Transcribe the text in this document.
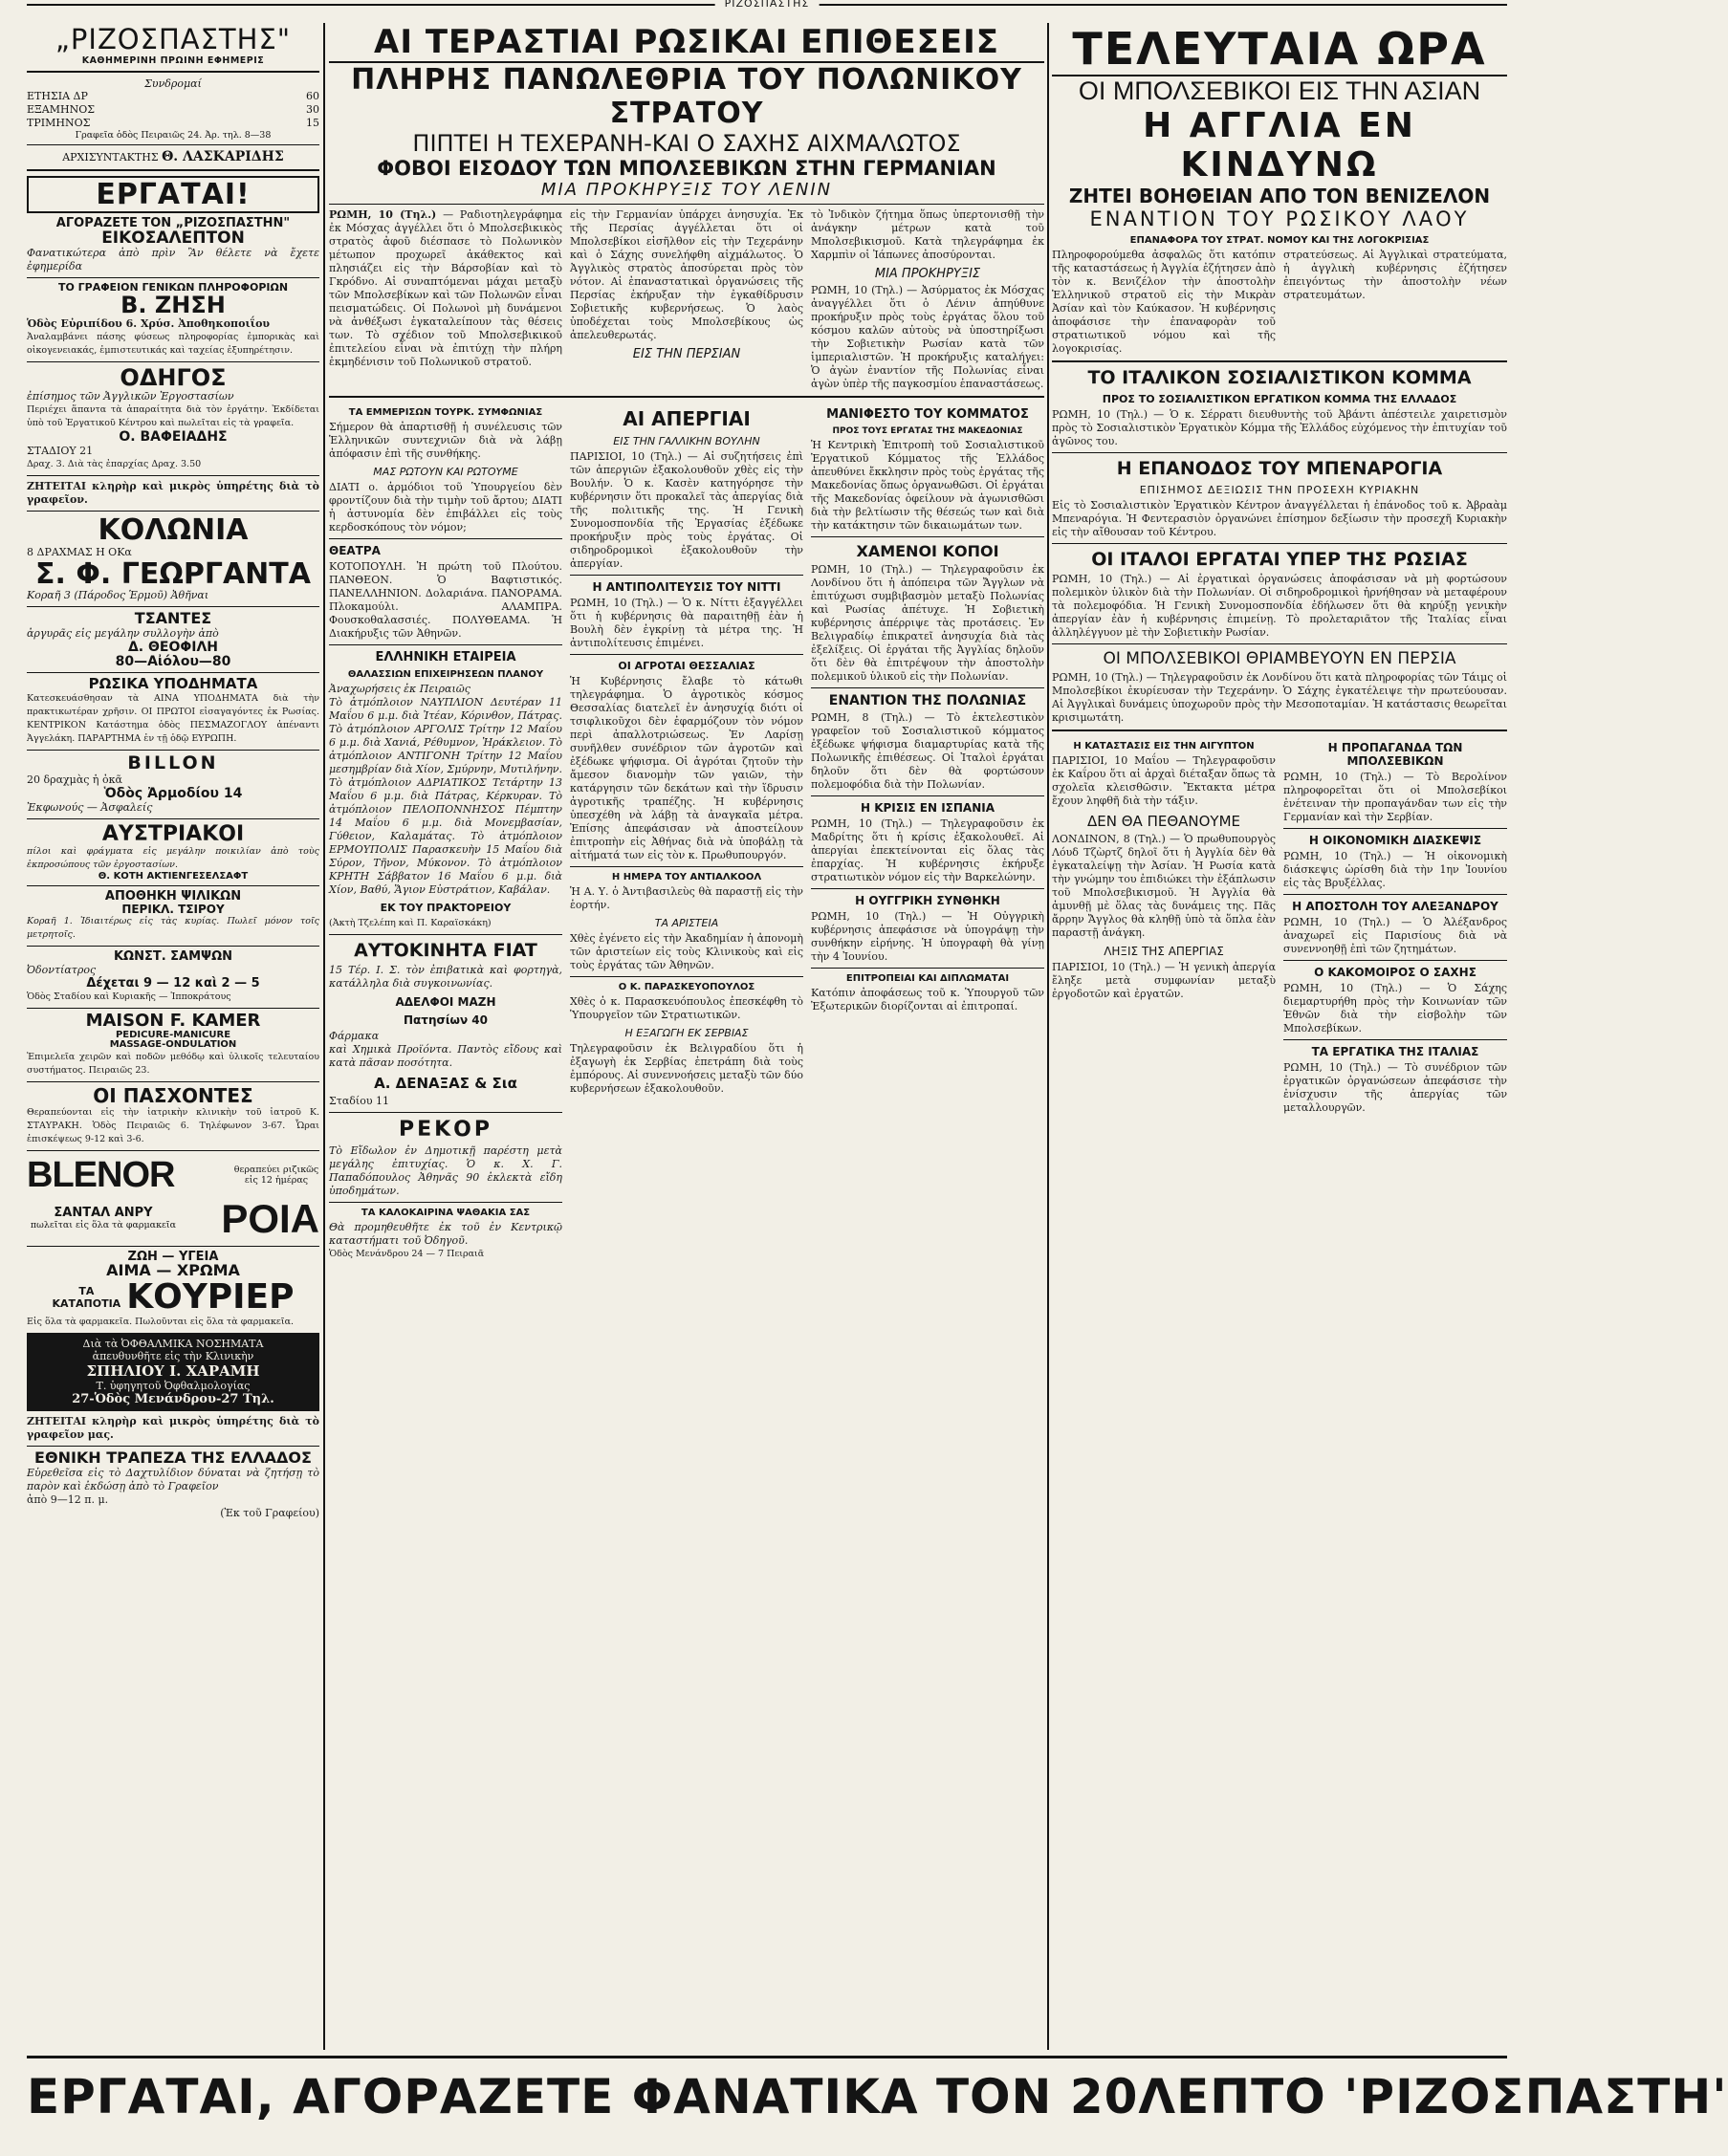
ΡΙΖΟΣΠΑΣΤΗΣ
„ΡΙΖΟΣΠΑΣΤΗΣ"
ΚΑΘΗΜΕΡΙΝΗ ΠΡΩΙΝΗ ΕΦΗΜΕΡΙΣ
Συνδρομαί
ΕΤΗΣΙΑ ΔΡ	60
ΕΞΑΜΗΝΟΣ	30
ΤΡΙΜΗΝΟΣ	15
Γραφεῖα ὁδὸς Πειραιῶς 24. Ἀρ. τηλ. 8—38
ΑΡΧΙΣΥΝΤΑΚΤΗΣ Θ. ΛΑΣΚΑΡΙΔΗΣ
ΕΡΓΑΤΑΙ!
ΑΓΟΡΑΖΕΤΕ ΤΟΝ „ΡΙΖΟΣΠΑΣΤΗΝ"
ΕΙΚΟΣΑΛΕΠΤΟΝ
Φανατικώτερα ἀπὸ πρὶν Ἂν θέλετε νὰ ἔχετε ἐφημερίδα
ΤΟ ΓΡΑΦΕΙΟΝ ΓΕΝΙΚΩΝ ΠΛΗΡΟΦΟΡΙΩΝ
Β. ΖΗΣΗ
Ὁδὸς Εὐριπίδου 6. Χρύσ. Ἀποθηκοποιΐου
Ἀναλαμβάνει πάσης φύσεως πληροφορίας ἐμπορικὰς καὶ οἰκογενειακάς, ἐμπιστευτικάς καὶ ταχείας ἐξυπηρέτησιν.
ΟΔΗΓΟΣ
ἐπίσημος τῶν Ἀγγλικῶν Ἐργοστασίων
Περιέχει ἅπαντα τὰ ἀπαραίτητα διὰ τὸν ἐργάτην. Ἐκδίδεται ὑπὸ τοῦ Ἐργατικοῦ Κέντρου καὶ πωλεῖται εἰς τὰ γραφεῖα.
Ο. ΒΑΦΕΙΑΔΗΣ
ΣΤΑΔΙΟΥ 21
Δραχ. 3. Διὰ τὰς ἐπαρχίας Δραχ. 3.50
ΖΗΤΕΙΤΑΙ κληρὴρ καὶ μικρὸς ὑπηρέτης διὰ τὸ γραφεῖον.
ΚΟΛΩΝΙΑ
8 ΔΡΑΧΜΑΣ Η ΟΚα
Σ. Φ. ΓΕΩΡΓΑΝΤΑ
Κοραῆ 3 (Πάροδος Ἑρμοῦ) Ἀθῆναι
ΤΣΑΝΤΕΣ
ἀργυρᾶς εἰς μεγάλην συλλογὴν ἀπὸ
Δ. ΘΕΟΦΙΛΗ
80—Αἰόλου—80
ΡΩΣΙΚΑ ΥΠΟΔΗΜΑΤΑ
Κατεσκευάσθησαν τὰ ΑΙΝΑ ΥΠΟΔΗΜΑΤΑ διὰ τὴν πρακτικωτέραν χρῆσιν. ΟΙ ΠΡΩΤΟΙ εἰσαγαγόντες ἐκ Ρωσίας. ΚΕΝΤΡΙΚΟΝ Κατάστημα ὁδὸς ΠΕΣΜΑΖΟΓΛΟΥ ἀπέναντι Ἀγγελάκη. ΠΑΡΑΡΤΗΜΑ ἐν τῇ ὁδῷ ΕΥΡΩΠΗ.
BILLON
20 δραχμὰς ἡ ὀκᾶ
Ὁδὸς Ἀρμοδίου 14
Ἐκφωνούς — Ἀσφαλείς
ΑΥΣΤΡΙΑΚΟΙ
πίλοι καὶ φράγματα εἰς μεγάλην ποικιλίαν ἀπὸ τοὺς ἐκπροσώπους τῶν ἐργοστασίων.
Θ. ΚΟΤΗ ΑΚΤΙΕΝΓΕΣΕΛΣΑΦΤ
ΑΠΟΘΗΚΗ ΨΙΛΙΚΩΝ
ΠΕΡΙΚΛ. ΤΣΙΡΟΥ
Κοραῆ 1. Ἰδιαιτέρως εἰς τὰς κυρίας. Πωλεῖ μόνον τοῖς μετρητοῖς.
ΚΩΝΣΤ. ΣΑΜΨΩΝ
Ὀδοντίατρος
Δέχεται 9 — 12 καὶ 2 — 5
Ὁδὸς Σταδίου καὶ Κυριακῆς — Ἱπποκράτους
MAISON F. KAMER
PEDICURE-MANICURE
MASSAGE-ONDULATION
Ἐπιμελεῖα χειρῶν καὶ ποδῶν μεθόδῳ καὶ ὑλικοῖς τελευταίου συστήματος. Πειραιῶς 23.
ΟΙ ΠΑΣΧΟΝΤΕΣ
Θεραπεύονται εἰς τὴν ἰατρικὴν κλινικὴν τοῦ ἰατροῦ Κ. ΣΤΑΥΡΑΚΗ. Ὁδὸς Πειραιῶς 6. Τηλέφωνον 3-67. Ὧραι ἐπισκέψεως 9-12 καὶ 3-6.
BLENOR	θεραπεύει ριζικῶς εἰς 12 ἡμέρας
ΣΑΝΤΑΛ ΑΝΡΥ
πωλεῖται εἰς ὅλα τὰ φαρμακεῖα ΡΟΙΑ
ΖΩΗ — ΥΓΕΙΑ
ΑΙΜΑ — ΧΡΩΜΑ
ΤΑ
ΚΑΤΑΠΟΤΙΑ ΚΟΥΡΙΕΡ
Εἰς ὅλα τὰ φαρμακεῖα. Πωλοῦνται εἰς ὅλα τὰ φαρμακεῖα.
Διὰ τὰ ὈΦΘΑΛΜΙΚΑ ΝΟΣΗΜΑΤΑ
ἀπευθυνθῆτε εἰς τὴν Κλινικὴν
ΣΠΗΛΙΟΥ Ι. ΧΑΡΑΜΗ
Τ. ὑφηγητοῦ Ὀφθαλμολογίας
27-Ὁδὸς Μενάνδρου-27 Τηλ.
ΖΗΤΕΙΤΑΙ κληρὴρ καὶ μικρὸς ὑπηρέτης διὰ τὸ γραφεῖον μας.
ΕΘΝΙΚΗ ΤΡΑΠΕΖΑ ΤΗΣ ΕΛΛΑΔΟΣ
Εὑρεθεῖσα εἰς τὸ Δαχτυλίδιον δύναται νὰ ζητήσῃ τὸ παρὸν καὶ ἐκδώσῃ ἀπὸ τὸ Γραφεῖον
ἀπὸ 9—12 π. μ.
(Ἐκ τοῦ Γραφείου)
ΑΙ ΤΕΡΑΣΤΙΑΙ ΡΩΣΙΚΑΙ ΕΠΙΘΕΣΕΙΣ
ΠΛΗΡΗΣ ΠΑΝΩΛΕΘΡΙΑ ΤΟΥ ΠΟΛΩΝΙΚΟΥ ΣΤΡΑΤΟΥ
ΠΙΠΤΕΙ Η ΤΕΧΕΡΑΝΗ-ΚΑΙ Ο ΣΑΧΗΣ ΑΙΧΜΑΛΩΤΟΣ
ΦΟΒΟΙ ΕΙΣΟΔΟΥ ΤΩΝ ΜΠΟΛΣΕΒΙΚΩΝ ΣΤΗΝ ΓΕΡΜΑΝΙΑΝ
ΜΙΑ ΠΡΟΚΗΡΥΞΙΣ ΤΟΥ ΛΕΝΙΝ
ΡΩΜΗ, 10 (Τηλ.) — Ραδιοτηλεγράφημα ἐκ Μόσχας ἀγγέλλει ὅτι ὁ Μπολσεβικικὸς στρατὸς ἀφοῦ διέσπασε τὸ Πολωνικὸν μέτωπον προχωρεῖ ἀκάθεκτος καὶ πλησιάζει εἰς τὴν Βάρσοβίαν καὶ τὸ Γκρόδνο. Αἱ συναπτόμεναι μάχαι μεταξὺ τῶν Μπολσεβίκων καὶ τῶν Πολωνῶν εἶναι πεισματώδεις. Οἱ Πολωνοὶ μὴ δυνάμενοι νὰ ἀνθέξωσι ἐγκαταλείπουν τὰς θέσεις των. Τὸ σχέδιον τοῦ Μπολσεβικικοῦ ἐπιτελείου εἶναι νὰ ἐπιτύχῃ τὴν πλήρη ἐκμηδένισιν τοῦ Πολωνικοῦ στρατοῦ.
εἰς τὴν Γερμανίαν ὑπάρχει ἀνησυχία. Ἐκ τῆς Περσίας ἀγγέλλεται ὅτι οἱ Μπολσεβίκοι εἰσῆλθον εἰς τὴν Τεχεράνην καὶ ὁ Σάχης συνελήφθη αἰχμάλωτος. Ὁ Ἀγγλικὸς στρατὸς ἀποσύρεται πρὸς τὸν νότον. Αἱ ἐπαναστατικαὶ ὀργανώσεις τῆς Περσίας ἐκήρυξαν τὴν ἐγκαθίδρυσιν Σοβιετικῆς κυβερνήσεως. Ὁ λαὸς ὑποδέχεται τοὺς Μπολσεβίκους ὡς ἀπελευθερωτάς.
ΕΙΣ ΤΗΝ ΠΕΡΣΙΑΝ
τὸ Ἰνδικὸν ζήτημα ὅπως ὑπερτονισθῇ τὴν ἀνάγκην μέτρων κατὰ τοῦ Μπολσεβικισμοῦ. Κατὰ τηλεγράφημα ἐκ Χαρμπὶν οἱ Ἰάπωνες ἀποσύρονται.
ΜΙΑ ΠΡΟΚΗΡΥΞΙΣ
ΡΩΜΗ, 10 (Τηλ.) — Ἀσύρματος ἐκ Μόσχας ἀναγγέλλει ὅτι ὁ Λένιν ἀπηύθυνε προκήρυξιν πρὸς τοὺς ἐργάτας ὅλου τοῦ κόσμου καλῶν αὐτοὺς νὰ ὑποστηρίξωσι τὴν Σοβιετικὴν Ρωσίαν κατὰ τῶν ἱμπεριαλιστῶν. Ἡ προκήρυξις καταλήγει: Ὁ ἀγὼν ἐναντίον τῆς Πολωνίας εἶναι ἀγὼν ὑπὲρ τῆς παγκοσμίου ἐπαναστάσεως.
ΤΑ ΕΜΜΕΡΙΣΩΝ ΤΟΥΡΚ. ΣΥΜΦΩΝΙΑΣ
Σήμερον θὰ ἀπαρτισθῇ ἡ συνέλευσις τῶν Ἑλληνικῶν συντεχνιῶν διὰ νὰ λάβῃ ἀπόφασιν ἐπὶ τῆς συνθήκης.
ΜΑΣ ΡΩΤΟΥΝ ΚΑΙ ΡΩΤΟΥΜΕ
ΔΙΑΤΙ ο. ἀρμόδιοι τοῦ Ὑπουργείου δὲν φροντίζουν διὰ τὴν τιμὴν τοῦ ἄρτου; ΔΙΑΤΙ ἡ ἀστυνομία δὲν ἐπιβάλλει εἰς τοὺς κερδοσκόπους τὸν νόμον;
ΘΕΑΤΡΑ
ΚΟΤΟΠΟΥΛΗ. Ἡ πρώτη τοῦ Πλούτου. ΠΑΝΘΕΟΝ. Ὁ Βαφτιστικός. ΠΑΝΕΛΛΗΝΙΟΝ. Δολαριάνα. ΠΑΝΟΡΑΜΑ. Πλοκαμούλι. ΑΛΑΜΠΡΑ. Φουσκοθαλασσιές. ΠΟΛΥΘΕΑΜΑ. Ἡ Διακήρυξις τῶν Ἀθηνῶν.
ΕΛΛΗΝΙΚΗ ΕΤΑΙΡΕΙΑ
ΘΑΛΑΣΣΙΩΝ ΕΠΙΧΕΙΡΗΣΕΩΝ ΠΛΑΝΟΥ
Ἀναχωρήσεις ἐκ Πειραιῶς
Τὸ ἀτμόπλοιον ΝΑΥΠΛΙΟΝ Δευτέραν 11 Μαΐου 6 μ.μ. διὰ Ἰτέαν, Κόρινθον, Πάτρας. Τὸ ἀτμόπλοιον ΑΡΓΟΛΙΣ Τρίτην 12 Μαΐου 6 μ.μ. διὰ Χανιά, Ρέθυμνον, Ἡράκλειον. Τὸ ἀτμόπλοιον ΑΝΤΙΓΟΝΗ Τρίτην 12 Μαΐου μεσημβρίαν διὰ Χίον, Σμύρνην, Μυτιλήνην. Τὸ ἀτμόπλοιον ΑΔΡΙΑΤΙΚΟΣ Τετάρτην 13 Μαΐου 6 μ.μ. διὰ Πάτρας, Κέρκυραν. Τὸ ἀτμόπλοιον ΠΕΛΟΠΟΝΝΗΣΟΣ Πέμπτην 14 Μαΐου 6 μ.μ. διὰ Μονεμβασίαν, Γύθειον, Καλαμάτας. Τὸ ἀτμόπλοιον ΕΡΜΟΥΠΟΛΙΣ Παρασκευὴν 15 Μαΐου διὰ Σύρον, Τῆνον, Μύκονον. Τὸ ἀτμόπλοιον ΚΡΗΤΗ Σάββατον 16 Μαΐου 6 μ.μ. διὰ Χίον, Βαθύ, Ἅγιον Εὐστράτιον, Καβάλαν.
ΕΚ ΤΟΥ ΠΡΑΚΤΟΡΕΙΟΥ
(Ἀκτὴ Τζελέπη καὶ Π. Καραϊσκάκη)
ΑΥΤΟΚΙΝΗΤΑ FIAT
15 Τέρ. Ι. Σ. τὸν ἐπιβατικὰ καὶ φορτηγὰ, κατάλληλα διὰ συγκοινωνίας.
ΑΔΕΛΦΟΙ ΜΑΖΗ
Πατησίων 40
Φάρμακα
καὶ Χημικὰ Προϊόντα. Παντὸς εἴδους καὶ κατὰ πᾶσαν ποσότητα.
Α. ΔΕΝΑΞΑΣ & Σια
Σταδίου 11
ΡΕΚΟΡ
Τὸ Εἴδωλον ἐν Δημοτικῇ παρέστη μετὰ μεγάλης ἐπιτυχίας. Ὁ κ. Χ. Γ. Παπαδόπουλος Ἀθηνᾶς 90 ἐκλεκτὰ εἴδη ὑποδημάτων.
ΤΑ ΚΑΛΟΚΑΙΡΙΝΑ ΨΑΘΑΚΙΑ ΣΑΣ
Θὰ προμηθευθῆτε ἐκ τοῦ ἐν Κεντρικῷ καταστήματι τοῦ Ὀδηγοῦ.
Ὁδὸς Μενάνδρου 24 — 7 Πειραιᾶ
ΑΙ ΑΠΕΡΓΙΑΙ
ΕΙΣ ΤΗΝ ΓΑΛΛΙΚΗΝ ΒΟΥΛΗΝ
ΠΑΡΙΣΙΟΙ, 10 (Τηλ.) — Αἱ συζητήσεις ἐπὶ τῶν ἀπεργιῶν ἐξακολουθοῦν χθὲς εἰς τὴν Βουλήν. Ὁ κ. Κασὲν κατηγόρησε τὴν κυβέρνησιν ὅτι προκαλεῖ τὰς ἀπεργίας διὰ τῆς πολιτικῆς της. Ἡ Γενικὴ Συνομοσπονδία τῆς Ἐργασίας ἐξέδωκε προκήρυξιν πρὸς τοὺς ἐργάτας. Οἱ σιδηροδρομικοὶ ἐξακολουθοῦν τὴν ἀπεργίαν.
Η ΑΝΤΙΠΟΛΙΤΕΥΣΙΣ ΤΟΥ ΝΙΤΤΙ
ΡΩΜΗ, 10 (Τηλ.) — Ὁ κ. Νίττι ἐξαγγέλλει ὅτι ἡ κυβέρνησις θὰ παραιτηθῇ ἐὰν ἡ Βουλὴ δὲν ἐγκρίνῃ τὰ μέτρα της. Ἡ ἀντιπολίτευσις ἐπιμένει.
ΟΙ ΑΓΡΟΤΑΙ ΘΕΣΣΑΛΙΑΣ
Ἡ Κυβέρνησις ἔλαβε τὸ κάτωθι τηλεγράφημα. Ὁ ἀγροτικὸς κόσμος Θεσσαλίας διατελεῖ ἐν ἀνησυχίᾳ διότι οἱ τσιφλικοῦχοι δὲν ἐφαρμόζουν τὸν νόμον περὶ ἀπαλλοτριώσεως. Ἐν Λαρίσῃ συνῆλθεν συνέδριον τῶν ἀγροτῶν καὶ ἐξέδωκε ψήφισμα. Οἱ ἀγρόται ζητοῦν τὴν ἄμεσον διανομὴν τῶν γαιῶν, τὴν κατάργησιν τῶν δεκάτων καὶ τὴν ἵδρυσιν ἀγροτικῆς τραπέζης. Ἡ κυβέρνησις ὑπεσχέθη νὰ λάβῃ τὰ ἀναγκαῖα μέτρα. Ἐπίσης ἀπεφάσισαν νὰ ἀποστείλουν ἐπιτροπὴν εἰς Ἀθήνας διὰ νὰ ὑποβάλῃ τὰ αἰτήματά των εἰς τὸν κ. Πρωθυπουργόν.
Η ΗΜΕΡΑ ΤΟΥ ΑΝΤΙΑΛΚΟΟΛ
Ἡ Α. Υ. ὁ Ἀντιβασιλεὺς θὰ παραστῇ εἰς τὴν ἑορτήν.
ΤΑ ΑΡΙΣΤΕΙΑ
Χθὲς ἐγένετο εἰς τὴν Ἀκαδημίαν ἡ ἀπονομὴ τῶν ἀριστείων εἰς τοὺς Κλινικοὺς καὶ εἰς τοὺς ἐργάτας τῶν Ἀθηνῶν.
Ο Κ. ΠΑΡΑΣΚΕΥΟΠΟΥΛΟΣ
Χθὲς ὁ κ. Παρασκευόπουλος ἐπεσκέφθη τὸ Ὑπουργεῖον τῶν Στρατιωτικῶν.
Η ΕΞΑΓΩΓΗ ΕΚ ΣΕΡΒΙΑΣ
Τηλεγραφοῦσιν ἐκ Βελιγραδίου ὅτι ἡ ἐξαγωγὴ ἐκ Σερβίας ἐπετράπη διὰ τοὺς ἐμπόρους. Αἱ συνεννοήσεις μεταξὺ τῶν δύο κυβερνήσεων ἐξακολουθοῦν.
ΜΑΝΙΦΕΣΤΟ ΤΟΥ ΚΟΜΜΑΤΟΣ
ΠΡΟΣ ΤΟΥΣ ΕΡΓΑΤΑΣ ΤΗΣ ΜΑΚΕΔΟΝΙΑΣ
Ἡ Κεντρικὴ Ἐπιτροπὴ τοῦ Σοσιαλιστικοῦ Ἐργατικοῦ Κόμματος τῆς Ἑλλάδος ἀπευθύνει ἔκκλησιν πρὸς τοὺς ἐργάτας τῆς Μακεδονίας ὅπως ὀργανωθῶσι. Οἱ ἐργάται τῆς Μακεδονίας ὀφείλουν νὰ ἀγωνισθῶσι διὰ τὴν βελτίωσιν τῆς θέσεώς των καὶ διὰ τὴν κατάκτησιν τῶν δικαιωμάτων των.
ΧΑΜΕΝΟΙ ΚΟΠΟΙ
ΡΩΜΗ, 10 (Τηλ.) — Τηλεγραφοῦσιν ἐκ Λονδίνου ὅτι ἡ ἀπόπειρα τῶν Ἄγγλων νὰ ἐπιτύχωσι συμβιβασμὸν μεταξὺ Πολωνίας καὶ Ρωσίας ἀπέτυχε. Ἡ Σοβιετικὴ κυβέρνησις ἀπέρριψε τὰς προτάσεις. Ἐν Βελιγραδίῳ ἐπικρατεῖ ἀνησυχία διὰ τὰς ἐξελίξεις. Οἱ ἐργάται τῆς Ἀγγλίας δηλοῦν ὅτι δὲν θὰ ἐπιτρέψουν τὴν ἀποστολὴν πολεμικοῦ ὑλικοῦ εἰς τὴν Πολωνίαν.
ΕΝΑΝΤΙΟΝ ΤΗΣ ΠΟΛΩΝΙΑΣ
ΡΩΜΗ, 8 (Τηλ.) — Τὸ ἐκτελεστικὸν γραφεῖον τοῦ Σοσιαλιστικοῦ κόμματος ἐξέδωκε ψήφισμα διαμαρτυρίας κατὰ τῆς Πολωνικῆς ἐπιθέσεως. Οἱ Ἰταλοὶ ἐργάται δηλοῦν ὅτι δὲν θὰ φορτώσουν πολεμοφόδια διὰ τὴν Πολωνίαν.
Η ΚΡΙΣΙΣ ΕΝ ΙΣΠΑΝΙΑ
ΡΩΜΗ, 10 (Τηλ.) — Τηλεγραφοῦσιν ἐκ Μαδρίτης ὅτι ἡ κρίσις ἐξακολουθεῖ. Αἱ ἀπεργίαι ἐπεκτείνονται εἰς ὅλας τὰς ἐπαρχίας. Ἡ κυβέρνησις ἐκήρυξε στρατιωτικὸν νόμον εἰς τὴν Βαρκελώνην.
Η ΟΥΓΓΡΙΚΗ ΣΥΝΘΗΚΗ
ΡΩΜΗ, 10 (Τηλ.) — Ἡ Οὐγγρικὴ κυβέρνησις ἀπεφάσισε νὰ ὑπογράψῃ τὴν συνθήκην εἰρήνης. Ἡ ὑπογραφὴ θὰ γίνῃ τὴν 4 Ἰουνίου.
ΕΠΙΤΡΟΠΕΙΑΙ ΚΑΙ ΔΙΠΛΩΜΑΤΑΙ
Κατόπιν ἀποφάσεως τοῦ κ. Ὑπουργοῦ τῶν Ἐξωτερικῶν διορίζονται αἱ ἐπιτροπαί.
ΤΕΛΕΥΤΑΙΑ ΩΡΑ
ΟΙ ΜΠΟΛΣΕΒΙΚΟΙ ΕΙΣ ΤΗΝ ΑΣΙΑΝ
Η ΑΓΓΛΙΑ ΕΝ ΚΙΝΔΥΝΩ
ΖΗΤΕΙ ΒΟΗΘΕΙΑΝ ΑΠΟ ΤΟΝ ΒΕΝΙΖΕΛΟΝ
ΕΝΑΝΤΙΟΝ ΤΟΥ ΡΩΣΙΚΟΥ ΛΑΟΥ
ΕΠΑΝΑΦΟΡΑ ΤΟΥ ΣΤΡΑΤ. ΝΟΜΟΥ ΚΑΙ ΤΗΣ ΛΟΓΟΚΡΙΣΙΑΣ
Πληροφορούμεθα ἀσφαλῶς ὅτι κατόπιν τῆς καταστάσεως ἡ Ἀγγλία ἐζήτησεν ἀπὸ τὸν κ. Βενιζέλον τὴν ἀποστολὴν Ἑλληνικοῦ στρατοῦ εἰς τὴν Μικρὰν Ἀσίαν καὶ τὸν Καύκασον. Ἡ κυβέρνησις ἀποφάσισε τὴν ἐπαναφορὰν τοῦ στρατιωτικοῦ νόμου καὶ τῆς λογοκρισίας.
στρατεύσεως. Αἱ Ἀγγλικαὶ στρατεύματα, ἡ ἀγγλικὴ κυβέρνησις ἐζήτησεν ἐπειγόντως τὴν ἀποστολὴν νέων στρατευμάτων.
ΤΟ ΙΤΑΛΙΚΟΝ ΣΟΣΙΑΛΙΣΤΙΚΟΝ ΚΟΜΜΑ
ΠΡΟΣ ΤΟ ΣΟΣΙΑΛΙΣΤΙΚΟΝ ΕΡΓΑΤΙΚΟΝ ΚΟΜΜΑ ΤΗΣ ΕΛΛΑΔΟΣ
ΡΩΜΗ, 10 (Τηλ.) — Ὁ κ. Σέρρατι διευθυντὴς τοῦ Ἀβάντι ἀπέστειλε χαιρετισμὸν πρὸς τὸ Σοσιαλιστικὸν Ἐργατικὸν Κόμμα τῆς Ἑλλάδος εὐχόμενος τὴν ἐπιτυχίαν τοῦ ἀγῶνος του.
Η ΕΠΑΝΟΔΟΣ ΤΟΥ ΜΠΕΝΑΡΟΓΙΑ
ΕΠΙΣΗΜΟΣ ΔΕΞΙΩΣΙΣ ΤΗΝ ΠΡΟΣΕΧΗ ΚΥΡΙΑΚΗΝ
Εἰς τὸ Σοσιαλιστικὸν Ἐργατικὸν Κέντρον ἀναγγέλλεται ἡ ἐπάνοδος τοῦ κ. Ἀβραὰμ Μπεναρόγια. Ἡ Φεντερασιὸν ὀργανώνει ἐπίσημον δεξίωσιν τὴν προσεχῆ Κυριακὴν εἰς τὴν αἴθουσαν τοῦ Κέντρου.
ΟΙ ΙΤΑΛΟΙ ΕΡΓΑΤΑΙ ΥΠΕΡ ΤΗΣ ΡΩΣΙΑΣ
ΡΩΜΗ, 10 (Τηλ.) — Αἱ ἐργατικαὶ ὀργανώσεις ἀποφάσισαν νὰ μὴ φορτώσουν πολεμικὸν ὑλικὸν διὰ τὴν Πολωνίαν. Οἱ σιδηροδρομικοὶ ἠρνήθησαν νὰ μεταφέρουν τὰ πολεμοφόδια. Ἡ Γενικὴ Συνομοσπονδία ἐδήλωσεν ὅτι θὰ κηρύξῃ γενικὴν ἀπεργίαν ἐὰν ἡ κυβέρνησις ἐπιμείνῃ. Τὸ προλεταριᾶτον τῆς Ἰταλίας εἶναι ἀλληλέγγυον μὲ τὴν Σοβιετικὴν Ρωσίαν.
ΟΙ ΜΠΟΛΣΕΒΙΚΟΙ ΘΡΙΑΜΒΕΥΟΥΝ ΕΝ ΠΕΡΣΙΑ
ΡΩΜΗ, 10 (Τηλ.) — Τηλεγραφοῦσιν ἐκ Λονδίνου ὅτι κατὰ πληροφορίας τῶν Τάιμς οἱ Μπολσεβίκοι ἐκυρίευσαν τὴν Τεχεράνην. Ὁ Σάχης ἐγκατέλειψε τὴν πρωτεύουσαν. Αἱ Ἀγγλικαὶ δυνάμεις ὑποχωροῦν πρὸς τὴν Μεσοποταμίαν. Ἡ κατάστασις θεωρεῖται κρισιμωτάτη.
Η ΚΑΤΑΣΤΑΣΙΣ ΕΙΣ ΤΗΝ ΑΙΓΥΠΤΟΝ
ΠΑΡΙΣΙΟΙ, 10 Μαΐου — Τηλεγραφοῦσιν ἐκ Καΐρου ὅτι αἱ ἀρχαὶ διέταξαν ὅπως τὰ σχολεῖα κλεισθῶσιν. Ἔκτακτα μέτρα ἔχουν ληφθῆ διὰ τὴν τάξιν.
ΔΕΝ ΘΑ ΠΕΘΑΝΟΥΜΕ
ΛΟΝΔΙΝΟΝ, 8 (Τηλ.) — Ὁ πρωθυπουργὸς Λόυδ Τζὼρτζ δηλοῖ ὅτι ἡ Ἀγγλία δὲν θὰ ἐγκαταλείψῃ τὴν Ἀσίαν. Ἡ Ρωσία κατὰ τὴν γνώμην του ἐπιδιώκει τὴν ἐξάπλωσιν τοῦ Μπολσεβικισμοῦ. Ἡ Ἀγγλία θὰ ἀμυνθῇ μὲ ὅλας τὰς δυνάμεις της. Πᾶς ἄρρην Ἄγγλος θὰ κληθῇ ὑπὸ τὰ ὅπλα ἐὰν παραστῇ ἀνάγκη.
ΛΗΞΙΣ ΤΗΣ ΑΠΕΡΓΙΑΣ
ΠΑΡΙΣΙΟΙ, 10 (Τηλ.) — Ἡ γενικὴ ἀπεργία ἔληξε μετὰ συμφωνίαν μεταξὺ ἐργοδοτῶν καὶ ἐργατῶν.
Η ΠΡΟΠΑΓΑΝΔΑ ΤΩΝ ΜΠΟΛΣΕΒΙΚΩΝ
ΡΩΜΗ, 10 (Τηλ.) — Τὸ Βερολίνον πληροφορεῖται ὅτι οἱ Μπολσεβίκοι ἐνέτειναν τὴν προπαγάνδαν των εἰς τὴν Γερμανίαν καὶ τὴν Σερβίαν.
Η ΟΙΚΟΝΟΜΙΚΗ ΔΙΑΣΚΕΨΙΣ
ΡΩΜΗ, 10 (Τηλ.) — Ἡ οἰκονομικὴ διάσκεψις ὡρίσθη διὰ τὴν 1ην Ἰουνίου εἰς τὰς Βρυξέλλας.
Η ΑΠΟΣΤΟΛΗ ΤΟΥ ΑΛΕΞΑΝΔΡΟΥ
ΡΩΜΗ, 10 (Τηλ.) — Ὁ Ἀλέξανδρος ἀναχωρεῖ εἰς Παρισίους διὰ νὰ συνεννοηθῇ ἐπὶ τῶν ζητημάτων.
Ο ΚΑΚΟΜΟΙΡΟΣ Ο ΣΑΧΗΣ
ΡΩΜΗ, 10 (Τηλ.) — Ὁ Σάχης διεμαρτυρήθη πρὸς τὴν Κοινωνίαν τῶν Ἐθνῶν διὰ τὴν εἰσβολὴν τῶν Μπολσεβίκων.
ΤΑ ΕΡΓΑΤΙΚΑ ΤΗΣ ΙΤΑΛΙΑΣ
ΡΩΜΗ, 10 (Τηλ.) — Τὸ συνέδριον τῶν ἐργατικῶν ὀργανώσεων ἀπεφάσισε τὴν ἐνίσχυσιν τῆς ἀπεργίας τῶν μεταλλουργῶν.
ΕΡΓΑΤΑΙ, ΑΓΟΡΑΖΕΤΕ ΦΑΝΑΤΙΚΑ ΤΟΝ 20ΛΕΠΤΟ 'ΡΙΖΟΣΠΑΣΤΗ'
